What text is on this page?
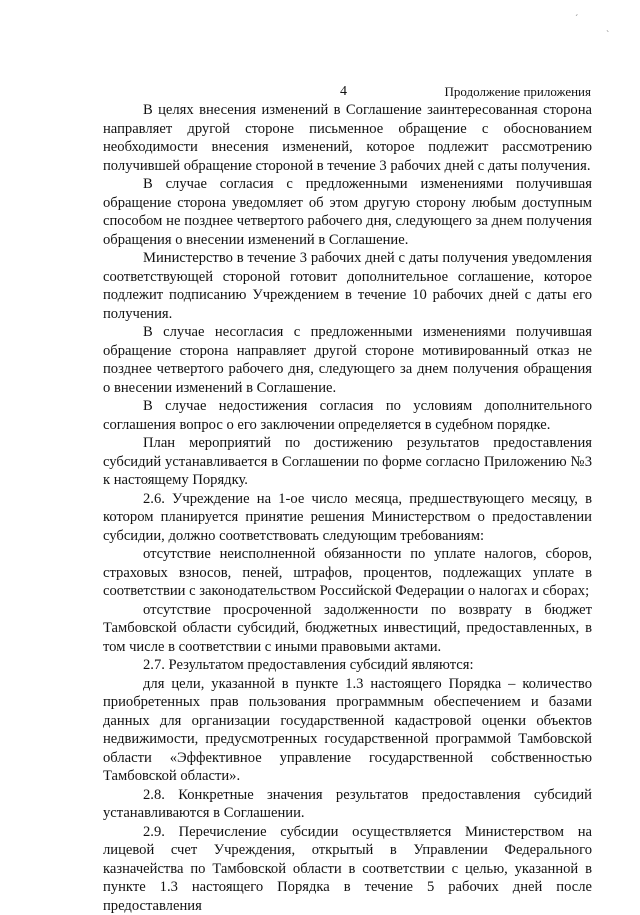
ˊ
ˋ
4	Продолжение приложения

В целях внесения изменений в Соглашение заинтересованная сторона направляет другой стороне письменное обращение с обоснованием необходимости внесения изменений, которое подлежит рассмотрению получившей обращение стороной в течение 3 рабочих дней с даты получения.

В случае согласия с предложенными изменениями получившая обращение сторона уведомляет об этом другую сторону любым доступным способом не позднее четвертого рабочего дня, следующего за днем получения обращения о внесении изменений в Соглашение.

Министерство в течение 3 рабочих дней с даты получения уведомления соответствующей стороной готовит дополнительное соглашение, которое подлежит подписанию Учреждением в течение 10 рабочих дней с даты его получения.

В случае несогласия с предложенными изменениями получившая обращение сторона направляет другой стороне мотивированный отказ не позднее четвертого рабочего дня, следующего за днем получения обращения о внесении изменений в Соглашение.

В случае недостижения согласия по условиям дополнительного соглашения вопрос о его заключении определяется в судебном порядке.

План мероприятий по достижению результатов предоставления субсидий устанавливается в Соглашении по форме согласно Приложению №3 к настоящему Порядку.

2.6. Учреждение на 1-ое число месяца, предшествующего месяцу, в котором планируется принятие решения Министерством о предоставлении субсидии, должно соответствовать следующим требованиям:

отсутствие неисполненной обязанности по уплате налогов, сборов, страховых взносов, пеней, штрафов, процентов, подлежащих уплате в соответствии с законодательством Российской Федерации о налогах и сборах;

отсутствие просроченной задолженности по возврату в бюджет Тамбовской области субсидий, бюджетных инвестиций, предоставленных, в том числе в соответствии с иными правовыми актами.

2.7. Результатом предоставления субсидий являются:

для цели, указанной в пункте 1.3 настоящего Порядка – количество приобретенных прав пользования программным обеспечением и базами данных для организации государственной кадастровой оценки объектов недвижимости, предусмотренных государственной программой Тамбовской области «Эффективное управление государственной собственностью Тамбовской области».

2.8. Конкретные значения результатов предоставления субсидий устанавливаются в Соглашении.

2.9. Перечисление субсидии осуществляется Министерством на лицевой счет Учреждения, открытый в Управлении Федерального казначейства по Тамбовской области в соответствии с целью, указанной в пункте 1.3 настоящего Порядка в течение 5 рабочих дней после предоставления
